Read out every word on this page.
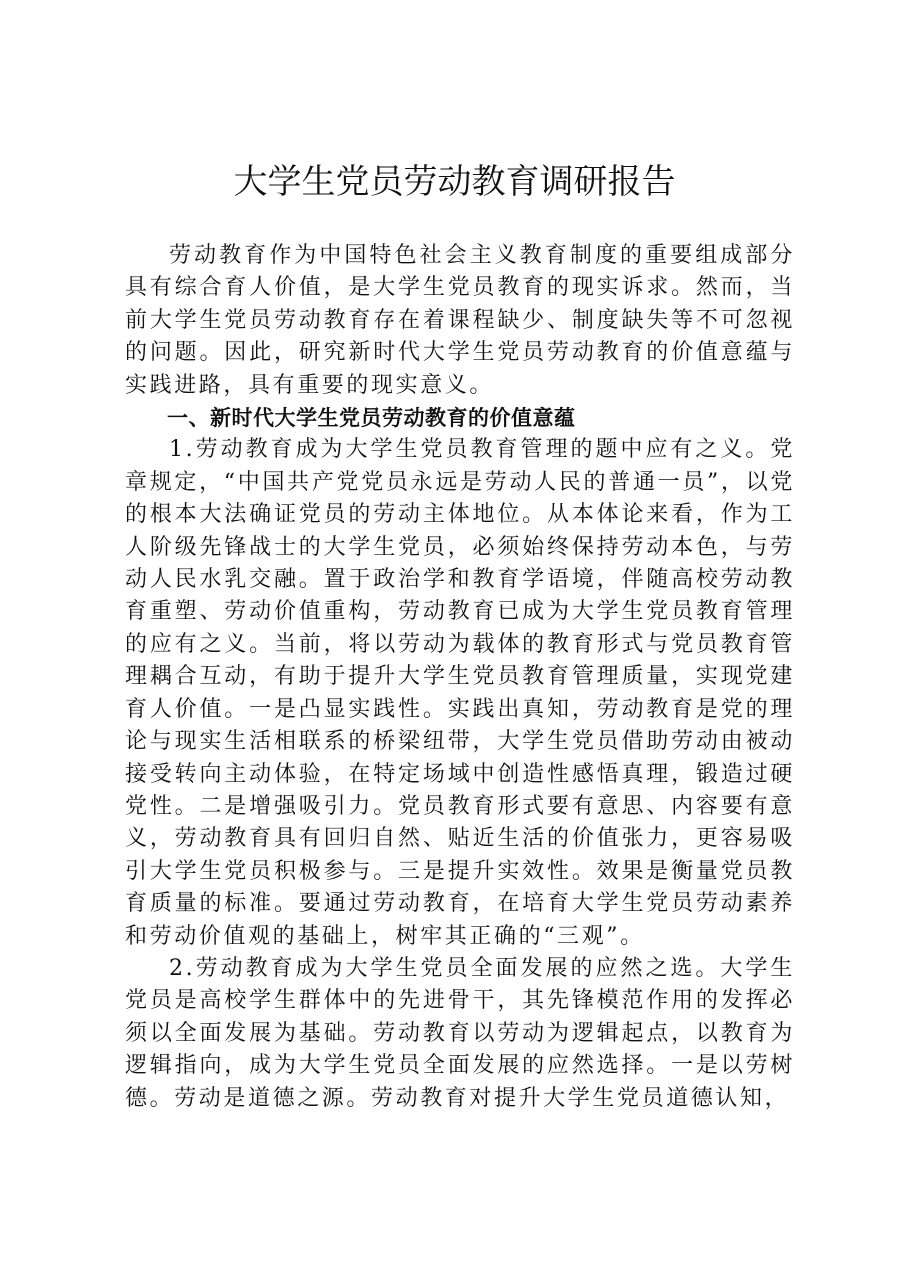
大学生党员劳动教育调研报告

劳动教育作为中国特色社会主义教育制度的重要组成部分具有综合育人价值，是大学生党员教育的现实诉求。然而，当前大学生党员劳动教育存在着课程缺少、制度缺失等不可忽视的问题。因此，研究新时代大学生党员劳动教育的价值意蕴与实践进路，具有重要的现实意义。

一、新时代大学生党员劳动教育的价值意蕴

1.劳动教育成为大学生党员教育管理的题中应有之义。党章规定，“中国共产党党员永远是劳动人民的普通一员”，以党的根本大法确证党员的劳动主体地位。从本体论来看，作为工人阶级先锋战士的大学生党员，必须始终保持劳动本色，与劳动人民水乳交融。置于政治学和教育学语境，伴随高校劳动教育重塑、劳动价值重构，劳动教育已成为大学生党员教育管理的应有之义。当前，将以劳动为载体的教育形式与党员教育管理耦合互动，有助于提升大学生党员教育管理质量，实现党建育人价值。一是凸显实践性。实践出真知，劳动教育是党的理论与现实生活相联系的桥梁纽带，大学生党员借助劳动由被动接受转向主动体验，在特定场域中创造性感悟真理，锻造过硬党性。二是增强吸引力。党员教育形式要有意思、内容要有意义，劳动教育具有回归自然、贴近生活的价值张力，更容易吸引大学生党员积极参与。三是提升实效性。效果是衡量党员教育质量的标准。要通过劳动教育，在培育大学生党员劳动素养和劳动价值观的基础上，树牢其正确的“三观”。

2.劳动教育成为大学生党员全面发展的应然之选。大学生党员是高校学生群体中的先进骨干，其先锋模范作用的发挥必须以全面发展为基础。劳动教育以劳动为逻辑起点，以教育为逻辑指向，成为大学生党员全面发展的应然选择。一是以劳树德。劳动是道德之源。劳动教育对提升大学生党员道德认知，
